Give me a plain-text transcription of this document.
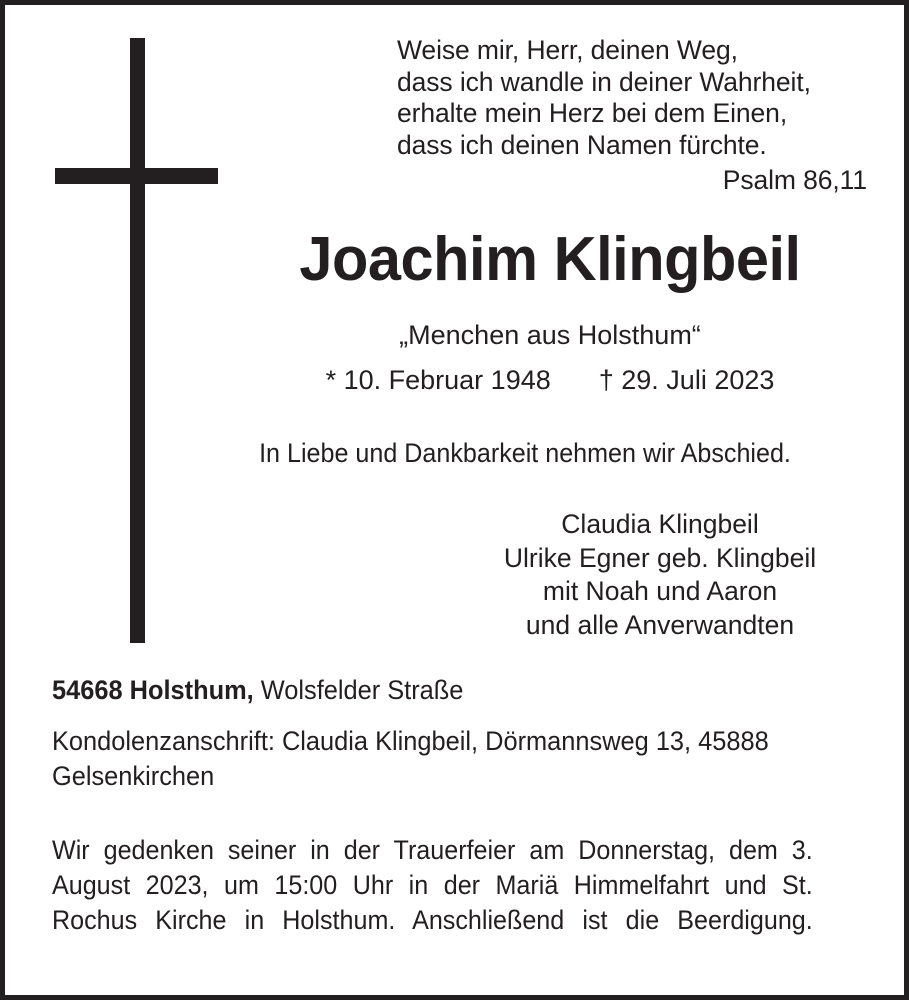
Weise mir, Herr, deinen Weg,
dass ich wandle in deiner Wahrheit,
erhalte mein Herz bei dem Einen,
dass ich deinen Namen fürchte.
Psalm 86,11
Joachim Klingbeil
„Menchen aus Holsthum“
* 10. Februar 1948 † 29. Juli 2023
In Liebe und Dankbarkeit nehmen wir Abschied.
Claudia Klingbeil
Ulrike Egner geb. Klingbeil
mit Noah und Aaron
und alle Anverwandten
54668 Holsthum, Wolsfelder Straße
Kondolenzanschrift: Claudia Klingbeil, Dörmannsweg 13, 45888 Gelsenkirchen
Wir gedenken seiner in der Trauerfeier am Donnerstag, dem 3. August 2023, um 15:00 Uhr in der Mariä Himmelfahrt und St. Rochus Kirche in Holsthum. Anschließend ist die Beerdigung.
